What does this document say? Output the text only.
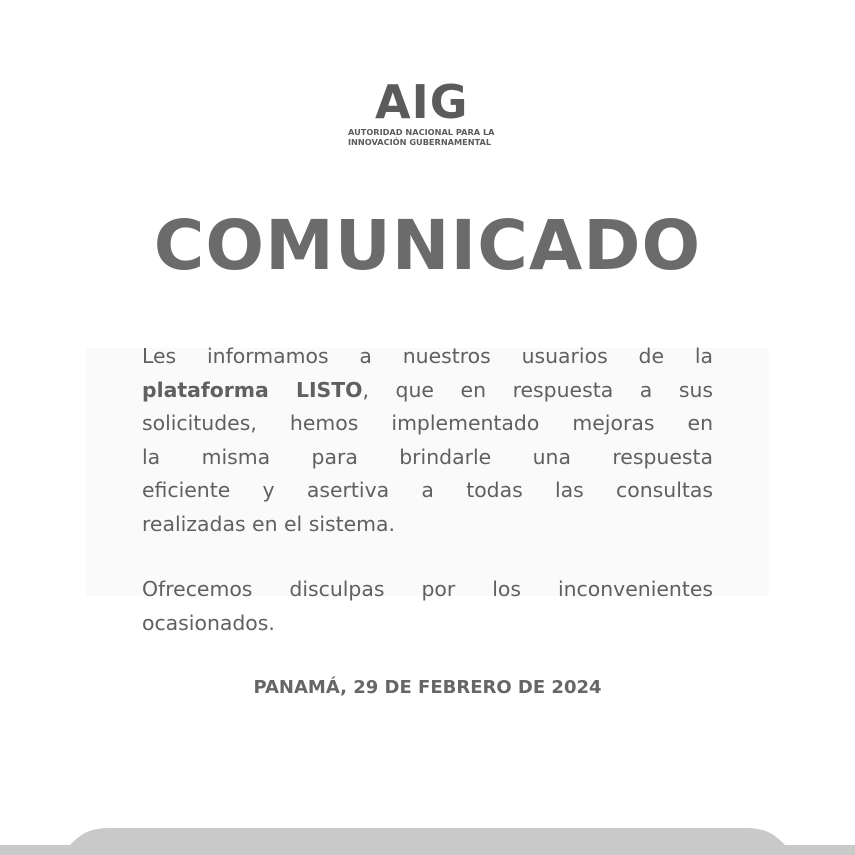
AIG
AUTORIDAD NACIONAL PARA LA
INNOVACIÓN GUBERNAMENTAL
COMUNICADO
Les informamos a nuestros usuarios de la
plataforma LISTO, que en respuesta a sus
solicitudes, hemos implementado mejoras en
la misma para brindarle una respuesta
eficiente y asertiva a todas las consultas
realizadas en el sistema.
Ofrecemos disculpas por los inconvenientes
ocasionados.
PANAMÁ, 29 DE FEBRERO DE 2024
